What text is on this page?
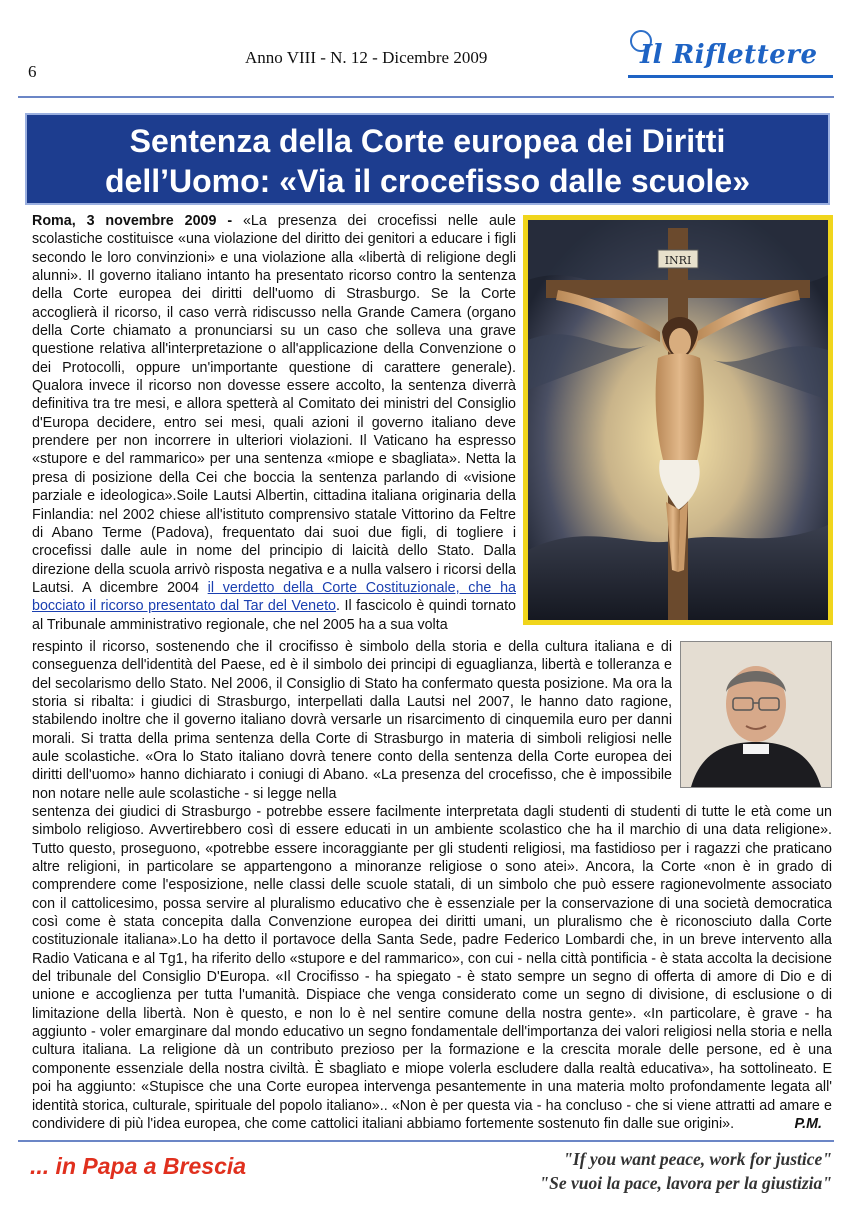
6
Anno VIII - N. 12 - Dicembre 2009	Il Riflettere
Sentenza della Corte europea dei Diritti
dell’Uomo: «Via il crocefisso dalle scuole»
Roma, 3 novembre 2009 - «La presenza dei crocefissi nelle aule scolastiche costituisce «una violazione del diritto dei genitori a educare i figli secondo le loro convinzioni» e una violazione alla «libertà di religione degli alunni». Il governo italiano intanto ha presentato ricorso contro la sentenza della Corte europea dei diritti dell'uomo di Strasburgo. Se la Corte accoglierà il ricorso, il caso verrà ridiscusso nella Grande Camera (organo della Corte chiamato a pronunciarsi su un caso che solleva una grave questione relativa all'interpretazione o all'applicazione della Convenzione o dei Protocolli, oppure un'importante questione di carattere generale). Qualora invece il ricorso non dovesse essere accolto, la sentenza diverrà definitiva tra tre mesi, e allora spetterà al Comitato dei ministri del Consiglio d'Europa decidere, entro sei mesi, quali azioni il governo italiano deve prendere per non incorrere in ulteriori violazioni. Il Vaticano ha espresso «stupore e del rammarico» per una sentenza «miope e sbagliata». Netta la presa di posizione della Cei che boccia la sentenza parlando di «visione parziale e ideologica».Soile Lautsi Albertin, cittadina italiana originaria della Finlandia: nel 2002 chiese all'istituto comprensivo statale Vittorino da Feltre di Abano Terme (Padova), frequentato dai suoi due figli, di togliere i crocefissi dalle aule in nome del principio di laicità dello Stato. Dalla direzione della scuola arrivò risposta negativa e a nulla valsero i ricorsi della Lautsi. A dicembre 2004 il verdetto della Corte Costituzionale, che ha bocciato il ricorso presentato dal Tar del Veneto. Il fascicolo è quindi tornato al Tribunale amministrativo regionale, che nel 2005 ha a sua volta
INRI
respinto il ricorso, sostenendo che il crocifisso è simbolo della storia e della cultura italiana e di conseguenza dell'identità del Paese, ed è il simbolo dei principi di eguaglianza, libertà e tolleranza e del secolarismo dello Stato. Nel 2006, il Consiglio di Stato ha confermato questa posizione. Ma ora la storia si ribalta: i giudici di Strasburgo, interpellati dalla Lautsi nel 2007, le hanno dato ragione, stabilendo inoltre che il governo italiano dovrà versarle un risarcimento di cinquemila euro per danni morali. Si tratta della prima sentenza della Corte di Strasburgo in materia di simboli religiosi nelle aule scolastiche. «Ora lo Stato italiano dovrà tenere conto della sentenza della Corte europea dei diritti dell'uomo» hanno dichiarato i coniugi di Abano. «La presenza del crocefisso, che è impossibile non notare nelle aule scolastiche - si legge nella
sentenza dei giudici di Strasburgo - potrebbe essere facilmente interpretata dagli studenti di studenti di tutte le età come un simbolo religioso. Avvertirebbero così di essere educati in un ambiente scolastico che ha il marchio di una data religione». Tutto questo, proseguono, «potrebbe essere incoraggiante per gli studenti religiosi, ma fastidioso per i ragazzi che praticano altre religioni, in particolare se appartengono a minoranze religiose o sono atei». Ancora, la Corte «non è in grado di comprendere come l'esposizione, nelle classi delle scuole statali, di un simbolo che può essere ragionevolmente associato con il cattolicesimo, possa servire al pluralismo educativo che è essenziale per la conservazione di una società democratica così come è stata concepita dalla Convenzione europea dei diritti umani, un pluralismo che è riconosciuto dalla Corte costituzionale italiana».Lo ha detto il portavoce della Santa Sede, padre Federico Lombardi che, in un breve intervento alla Radio Vaticana e al Tg1, ha riferito dello «stupore e del rammarico», con cui - nella città pontificia - è stata accolta la decisione del tribunale del Consiglio D'Europa. «Il Crocifisso - ha spiegato - è stato sempre un segno di offerta di amore di Dio e di unione e accoglienza per tutta l'umanità. Dispiace che venga considerato come un segno di divisione, di esclusione o di limitazione della libertà. Non è questo, e non lo è nel sentire comune della nostra gente». «In particolare, è grave - ha aggiunto - voler emarginare dal mondo educativo un segno fondamentale dell'importanza dei valori religiosi nella storia e nella cultura italiana. La religione dà un contributo prezioso per la formazione e la crescita morale delle persone, ed è una componente essenziale della nostra civiltà. È sbagliato e miope volerla escludere dalla realtà educativa», ha sottolineato. E poi ha aggiunto: «Stupisce che una Corte europea intervenga pesantemente in una materia molto profondamente legata all' identità storica, culturale, spirituale del popolo italiano».. «Non è per questa via - ha concluso - che si viene attratti ad amare e condividere di più l'idea europea, che come cattolici italiani abbiamo fortemente sostenuto fin dalle sue origini».	P.M.
... in Papa a Brescia	"If you want peace, work for justice"
"Se vuoi la pace, lavora per la giustizia"
